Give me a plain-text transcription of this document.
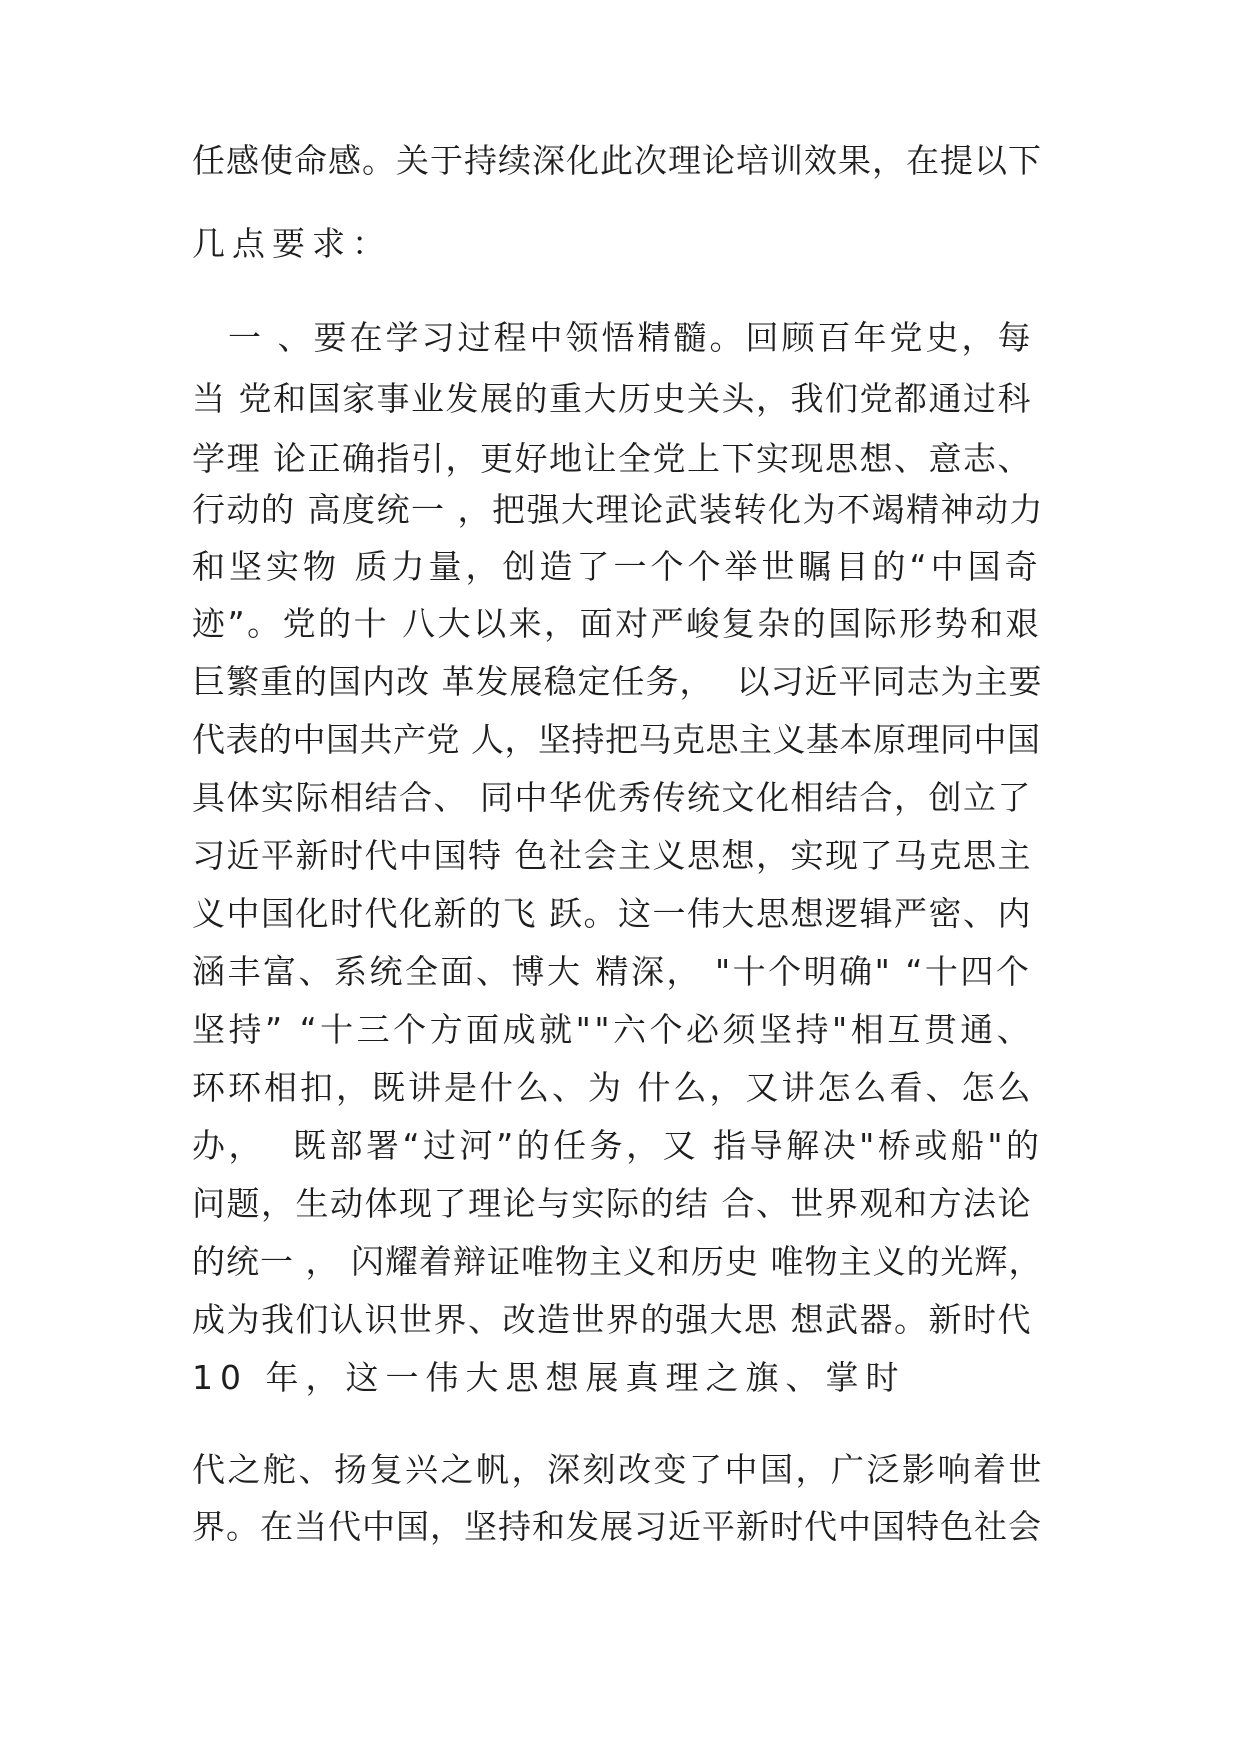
任感使命感。关于持续深化此次理论培训效果，在提以下
几点要求：
　一 、要在学习过程中领悟精髓。回顾百年党史，每
当 党和国家事业发展的重大历史关头，我们党都通过科
学理 论正确指引，更好地让全党上下实现思想、意志、
行动的 高度统一 ，把强大理论武装转化为不竭精神动力
和坚实物 质力量，创造了一个个举世瞩目的“中国奇
迹”。党的十 八大以来，面对严峻复杂的国际形势和艰
巨繁重的国内改 革发展稳定任务，  以习近平同志为主要
代表的中国共产党 人，坚持把马克思主义基本原理同中国
具体实际相结合、 同中华优秀传统文化相结合，创立了
习近平新时代中国特 色社会主义思想，实现了马克思主
义中国化时代化新的飞 跃。这一伟大思想逻辑严密、内
涵丰富、系统全面、博大 精深， "十个明确" “十四个
坚持” “十三个方面成就""六个必须坚持"相互贯通、
环环相扣，既讲是什么、为 什么，又讲怎么看、怎么
办，  既部署“过河”的任务，又 指导解决"桥或船"的
问题，生动体现了理论与实际的结 合、世界观和方法论
的统一 ， 闪耀着辩证唯物主义和历史 唯物主义的光辉，
成为我们认识世界、改造世界的强大思 想武器。新时代
10 年，这一伟大思想展真理之旗、掌时
代之舵、扬复兴之帆，深刻改变了中国，广泛影响着世
界。在当代中国，坚持和发展习近平新时代中国特色社会
